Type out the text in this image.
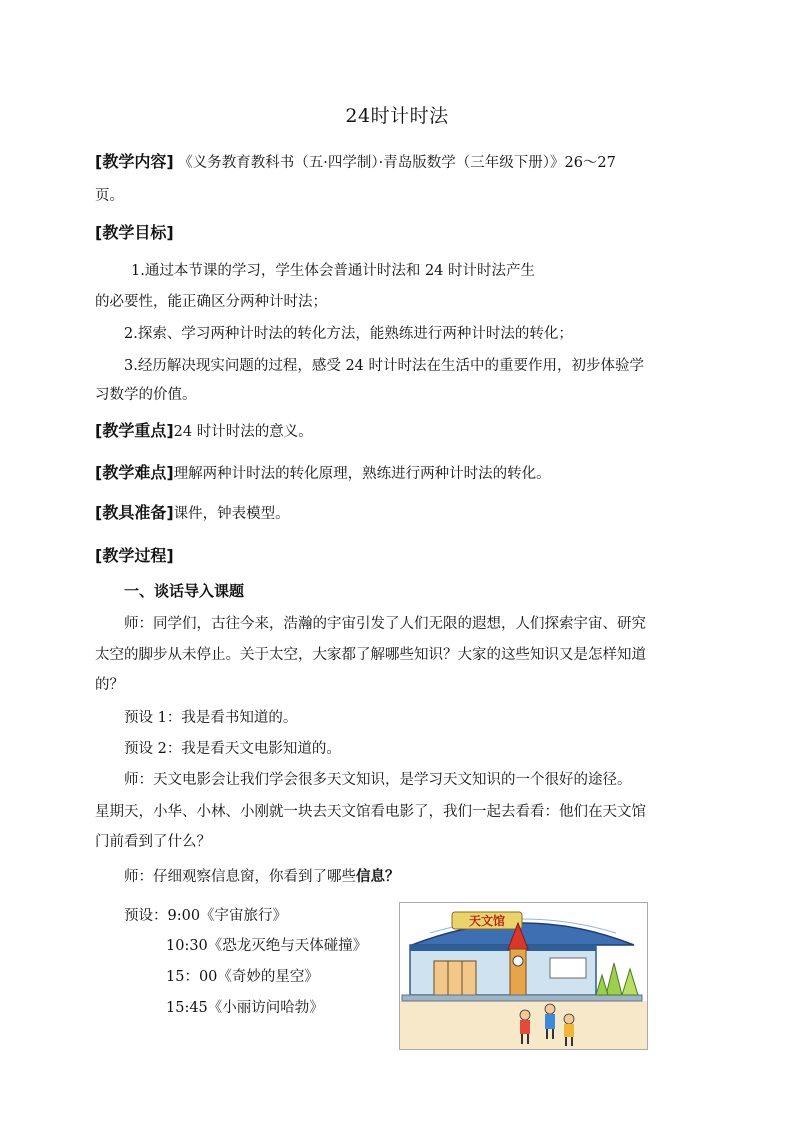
24时计时法
[教学内容] 《义务教育教科书（五·四学制）·青岛版数学（三年级下册）》26～27
页。
[教学目标]
1.通过本节课的学习，学生体会普通计时法和 24 时计时法产生
的必要性，能正确区分两种计时法；
2.探索、学习两种计时法的转化方法，能熟练进行两种计时法的转化；
3.经历解决现实问题的过程，感受 24 时计时法在生活中的重要作用，初步体验学
习数学的价值。
[教学重点]24 时计时法的意义。
[教学难点]理解两种计时法的转化原理，熟练进行两种计时法的转化。
[教具准备]课件，钟表模型。
[教学过程]
一、谈话导入课题
师：同学们，古往今来，浩瀚的宇宙引发了人们无限的遐想，人们探索宇宙、研究
太空的脚步从未停止。关于太空，大家都了解哪些知识？大家的这些知识又是怎样知道
的？
预设 1：我是看书知道的。
预设 2：我是看天文电影知道的。
师：天文电影会让我们学会很多天文知识，是学习天文知识的一个很好的途径。
星期天，小华、小林、小刚就一块去天文馆看电影了，我们一起去看看：他们在天文馆
门前看到了什么？
师：仔细观察信息窗，你看到了哪些信息？
预设：9:00《宇宙旅行》
10:30《恐龙灭绝与天体碰撞》
15：00《奇妙的星空》
15:45《小丽访问哈勃》
天文馆
